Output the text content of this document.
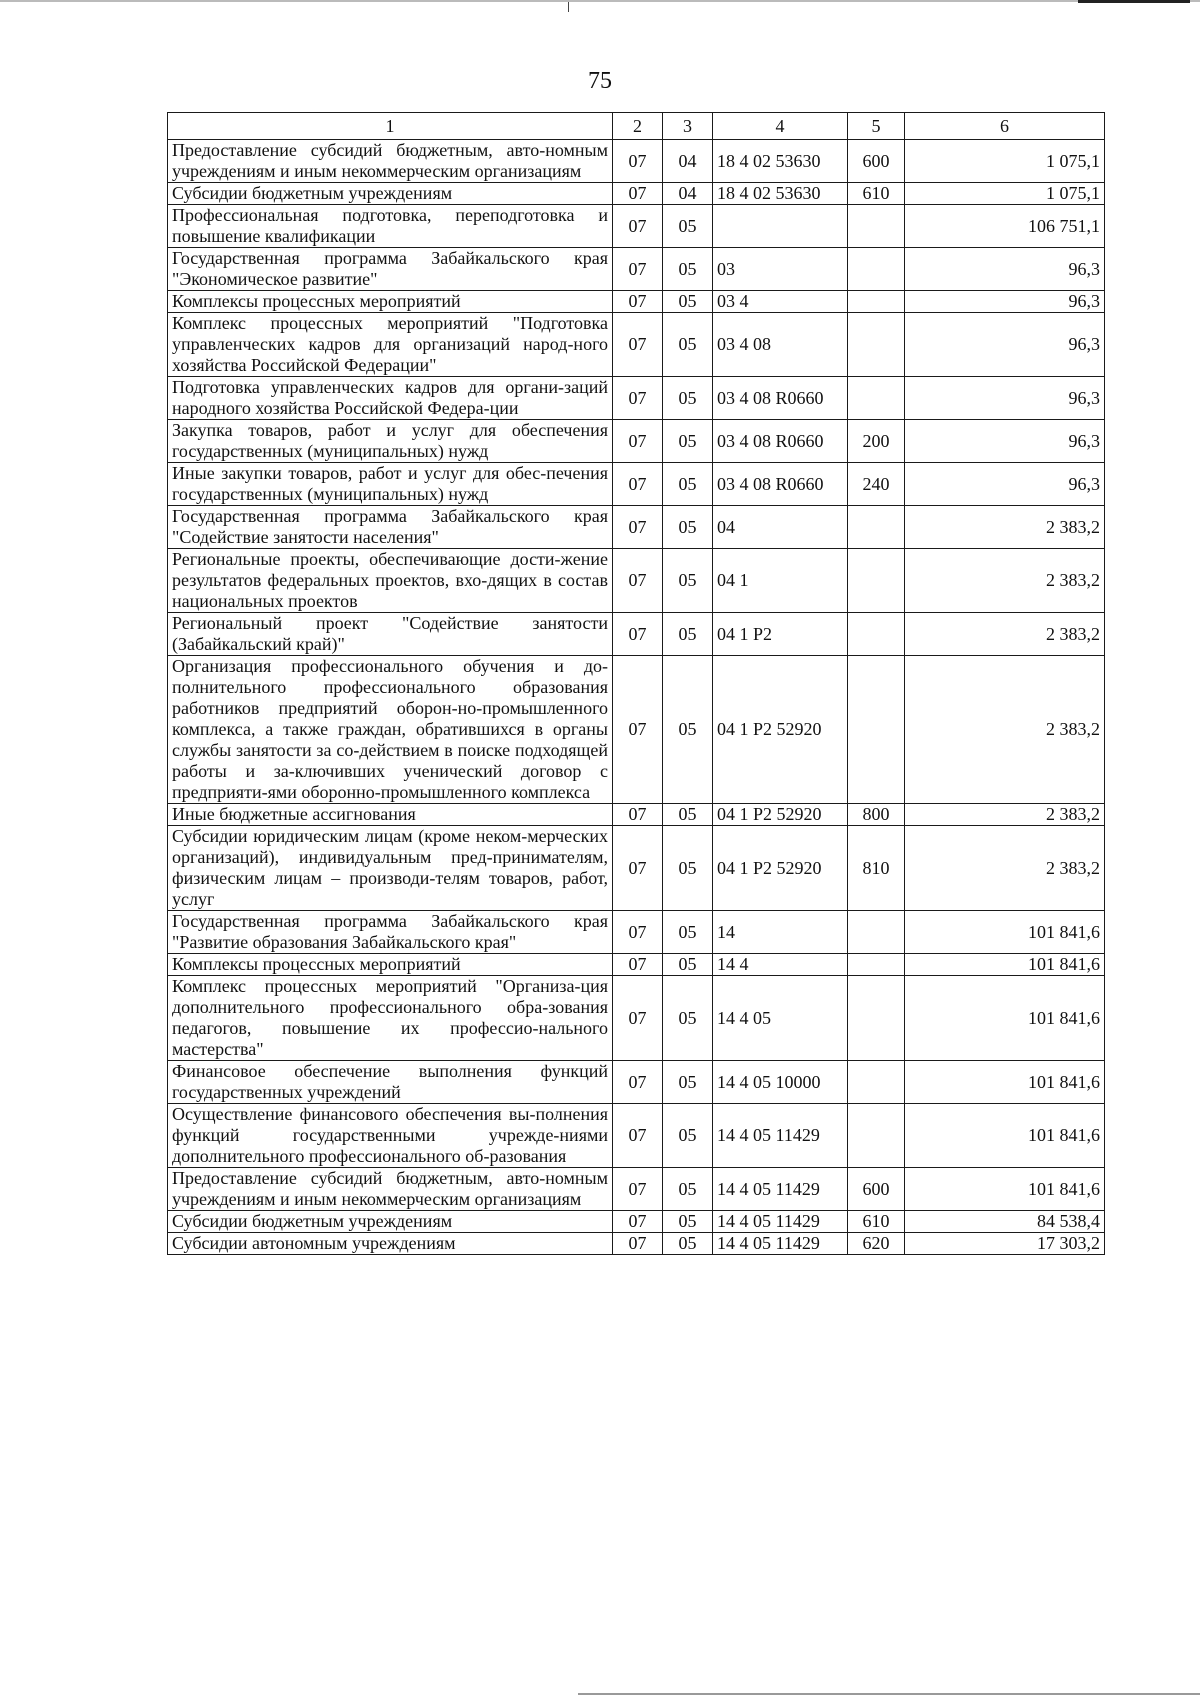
75
1	2	3	4	5	6
Предоставление субсидий бюджетным, авто-номным учреждениям и иным некоммерческим организациям	07	04	18 4 02 53630	600	1 075,1
Субсидии бюджетным учреждениям	07	04	18 4 02 53630	610	1 075,1
Профессиональная подготовка, переподготовка и повышение квалификации	07	05			106 751,1
Государственная программа Забайкальского края "Экономическое развитие"	07	05	03		96,3
Комплексы процессных мероприятий	07	05	03 4		96,3
Комплекс процессных мероприятий "Подготовка управленческих кадров для организаций народ-ного хозяйства Российской Федерации"	07	05	03 4 08		96,3
Подготовка управленческих кадров для органи-заций народного хозяйства Российской Федера-ции	07	05	03 4 08 R0660		96,3
Закупка товаров, работ и услуг для обеспечения государственных (муниципальных) нужд	07	05	03 4 08 R0660	200	96,3
Иные закупки товаров, работ и услуг для обес-печения государственных (муниципальных) нужд	07	05	03 4 08 R0660	240	96,3
Государственная программа Забайкальского края "Содействие занятости населения"	07	05	04		2 383,2
Региональные проекты, обеспечивающие дости-жение результатов федеральных проектов, вхо-дящих в состав национальных проектов	07	05	04 1		2 383,2
Региональный проект "Содействие занятости (Забайкальский край)"	07	05	04 1 P2		2 383,2
Организация профессионального обучения и до-полнительного профессионального образования работников предприятий оборон-но-промышленного комплекса, а также граждан, обратившихся в органы службы занятости за со-действием в поиске подходящей работы и за-ключивших ученический договор с предприяти-ями оборонно-промышленного комплекса	07	05	04 1 P2 52920		2 383,2
Иные бюджетные ассигнования	07	05	04 1 P2 52920	800	2 383,2
Субсидии юридическим лицам (кроме неком-мерческих организаций), индивидуальным пред-принимателям, физическим лицам – производи-телям товаров, работ, услуг	07	05	04 1 P2 52920	810	2 383,2
Государственная программа Забайкальского края "Развитие образования Забайкальского края"	07	05	14		101 841,6
Комплексы процессных мероприятий	07	05	14 4		101 841,6
Комплекс процессных мероприятий "Организа-ция дополнительного профессионального обра-зования педагогов, повышение их профессио-нального мастерства"	07	05	14 4 05		101 841,6
Финансовое обеспечение выполнения функций государственных учреждений	07	05	14 4 05 10000		101 841,6
Осуществление финансового обеспечения вы-полнения функций государственными учрежде-ниями дополнительного профессионального об-разования	07	05	14 4 05 11429		101 841,6
Предоставление субсидий бюджетным, авто-номным учреждениям и иным некоммерческим организациям	07	05	14 4 05 11429	600	101 841,6
Субсидии бюджетным учреждениям	07	05	14 4 05 11429	610	84 538,4
Субсидии автономным учреждениям	07	05	14 4 05 11429	620	17 303,2
